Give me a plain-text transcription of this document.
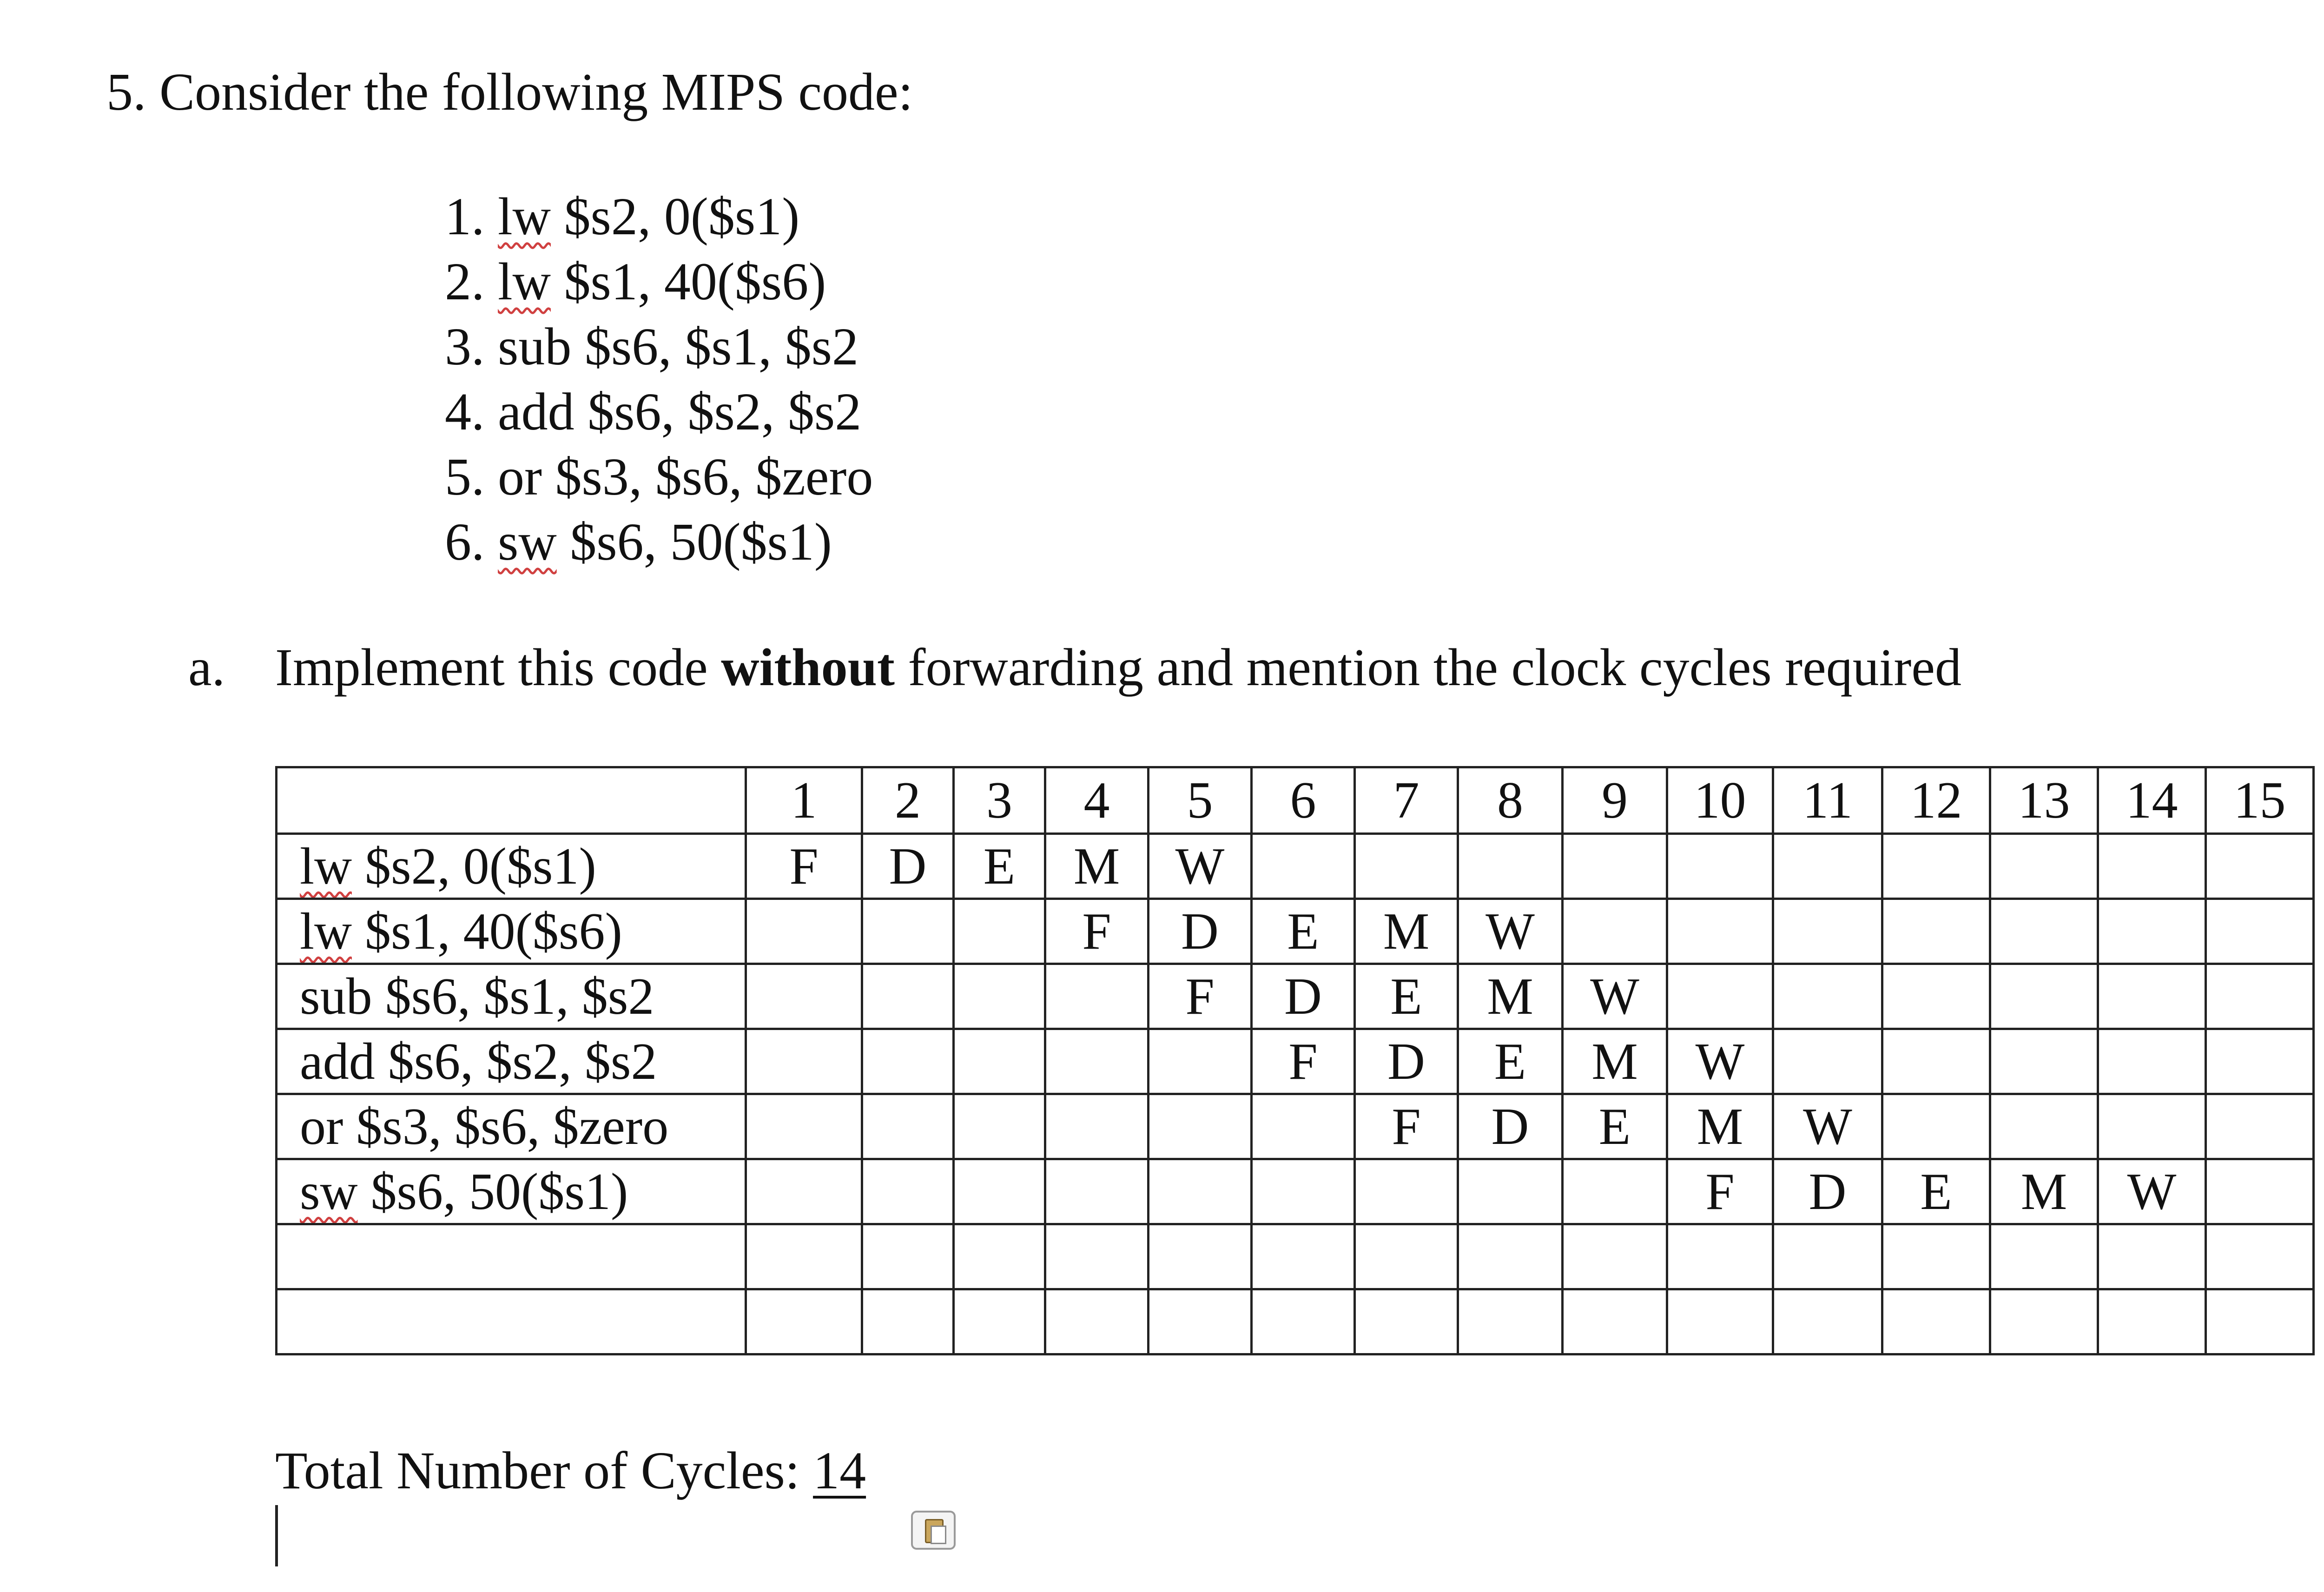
5. Consider the following MIPS code:
1. lw $s2, 0($s1)
2. lw $s1, 40($s6)
3. sub $s6, $s1, $s2
4. add $s6, $s2, $s2
5. or $s3, $s6, $zero
6. sw $s6, 50($s1)
a. Implement this code without forwarding and mention the clock cycles required
	1	2	3	4	5	6	7	8	9	10	11	12	13	14	15
lw $s2, 0($s1)	F	D	E	M	W										
lw $s1, 40($s6)				F	D	E	M	W							
sub $s6, $s1, $s2					F	D	E	M	W						
add $s6, $s2, $s2						F	D	E	M	W					
or $s3, $s6, $zero							F	D	E	M	W				
sw $s6, 50($s1)										F	D	E	M	W	

Total Number of Cycles: 14
